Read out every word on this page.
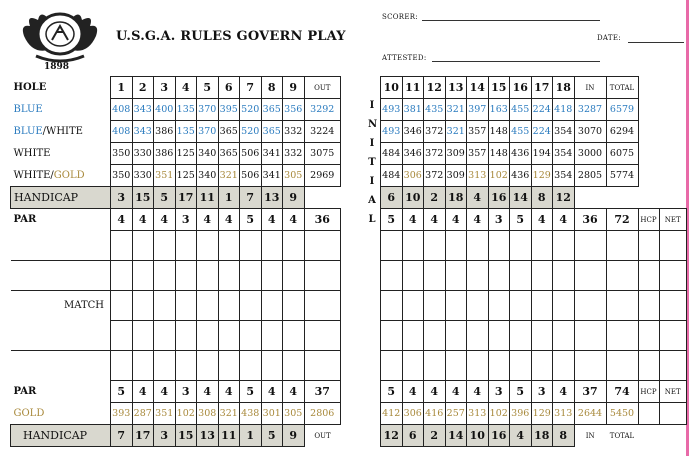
1898
U.S.G.A. RULES GOVERN PLAY
SCORER:
DATE:
ATTESTED:
I
N
I
T
I
A
L
HOLE	1	2	3	4	5	6	7	8	9	OUT
BLUE	408	343	400	135	370	395	520	365	356	3292
BLUE/WHITE	408	343	386	135	370	365	520	365	332	3224
WHITE	350	330	386	125	340	365	506	341	332	3075
WHITE/GOLD	350	330	351	125	340	321	506	341	305	2969
HANDICAP	3	15	5	17	11	1	7	13	9	
PAR	4	4	4	3	4	4	5	4	4	36

MATCH										

PAR	5	4	4	3	4	4	5	4	4	37
GOLD	393	287	351	102	308	321	438	301	305	2806
HANDICAP	7	17	3	15	13	11	1	5	9	OUT
10	11	12	13	14	15	16	17	18	IN	TOTAL		
493	381	435	321	397	163	455	224	418	3287	6579		
493	346	372	321	357	148	455	224	354	3070	6294		
484	346	372	309	357	148	436	194	354	3000	6075		
484	306	372	309	313	102	436	129	354	2805	5774		
6	10	2	18	4	16	14	8	12				
5	4	4	4	4	3	5	4	4	36	72	HCP	NET

5	4	4	4	4	3	5	3	4	37	74	HCP	NET
412	306	416	257	313	102	396	129	313	2644	5450		
12	6	2	14	10	16	4	18	8	IN	TOTAL		
